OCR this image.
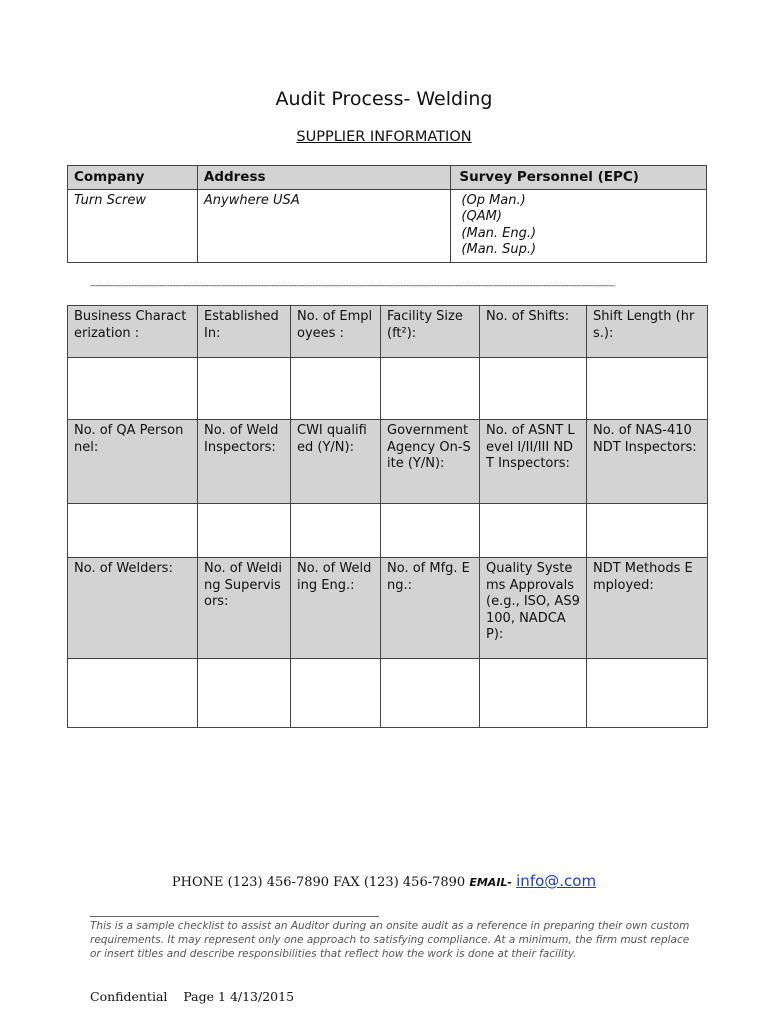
Audit Process- Welding
SUPPLIER INFORMATION
Company	Address	Survey Personnel (EPC)
Turn Screw	Anywhere USA	(Op Man.)
(QAM)
(Man. Eng.)
(Man. Sup.)
-----------------------------------------------------------------------------------------------------------------------------------------------------------------------------------------------
Business Characterization :	Established In:	No. of Employees :	Facility Size (ft²):	No. of Shifts:	Shift Length (hrs.):

No. of QA Personnel:	No. of Weld Inspectors:	CWI qualified (Y/N):	Government Agency On-Site (Y/N):	No. of ASNT Level I/II/III NDT Inspectors:	No. of NAS-410 NDT Inspectors:

No. of Welders:	No. of Welding Supervisors:	No. of Welding Eng.:	No. of Mfg. Eng.:	Quality Systems Approvals (e.g., ISO, AS9100, NADCAP):	NDT Methods Employed:

PHONE (123) 456-7890 FAX (123) 456-7890 EMAIL- info@.com
This is a sample checklist to assist an Auditor during an onsite audit as a reference in preparing their own custom requirements. It may represent only one approach to satisfying compliance. At a minimum, the firm must replace or insert titles and describe responsibilities that reflect how the work is done at their facility.
Confidential Page 1 4/13/2015
